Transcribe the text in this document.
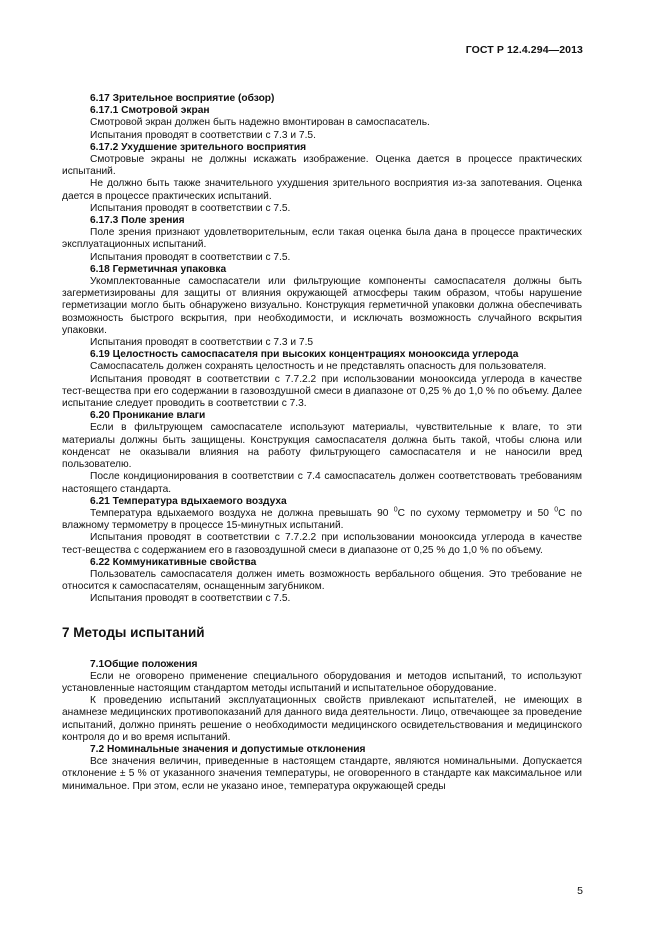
ГОСТ Р 12.4.294—2013

6.17 Зрительное восприятие (обзор)

6.17.1 Смотровой экран

Смотровой экран должен быть надежно вмонтирован в самоспасатель.

Испытания проводят в соответствии с 7.3 и 7.5.

6.17.2 Ухудшение зрительного восприятия

Смотровые экраны не должны искажать изображение. Оценка дается в процессе практических испытаний.

Не должно быть также значительного ухудшения зрительного восприятия из-за запотевания. Оценка дается в процессе практических испытаний.

Испытания проводят в соответствии с 7.5.

6.17.3 Поле зрения

Поле зрения признают удовлетворительным, если такая оценка была дана в процессе практических эксплуатационных испытаний.

Испытания проводят в соответствии с 7.5.

6.18 Герметичная упаковка

Укомплектованные самоспасатели или фильтрующие компоненты самоспасателя должны быть загерметизированы для защиты от влияния окружающей атмосферы таким образом, чтобы нарушение герметизации могло быть обнаружено визуально. Конструкция герметичной упаковки должна обеспечивать возможность быстрого вскрытия, при необходимости, и исключать возможность случайного вскрытия упаковки.

Испытания проводят в соответствии с 7.3 и 7.5

6.19 Целостность самоспасателя при высоких концентрациях монооксида углерода

Самоспасатель должен сохранять целостность и не представлять опасность для пользователя.

Испытания проводят в соответствии с 7.7.2.2 при использовании монооксида углерода в качестве тест-вещества при его содержании в газовоздушной смеси в диапазоне от 0,25 % до 1,0 % по объему. Далее испытание следует проводить в соответствии с 7.3.

6.20 Проникание влаги

Если в фильтрующем самоспасателе используют материалы, чувствительные к влаге, то эти материалы должны быть защищены. Конструкция самоспасателя должна быть такой, чтобы слюна или конденсат не оказывали влияния на работу фильтрующего самоспасателя и не наносили вред пользователю.

После кондиционирования в соответствии с 7.4 самоспасатель должен соответствовать требованиям настоящего стандарта.

6.21 Температура вдыхаемого воздуха

Температура вдыхаемого воздуха не должна превышать 90 $^0$С по сухому термометру и 50 $^0$С по влажному термометру в процессе 15-минутных испытаний.

Испытания проводят в соответствии с 7.7.2.2 при использовании монооксида углерода в качестве тест-вещества с содержанием его в газовоздушной смеси в диапазоне от 0,25 % до 1,0 % по объему.

6.22 Коммуникативные свойства

Пользователь самоспасателя должен иметь возможность вербального общения. Это требование не относится к самоспасателям, оснащенным загубником.

Испытания проводят в соответствии с 7.5.

7 Методы испытаний

7.1Общие положения

Если не оговорено применение специального оборудования и методов испытаний, то используют установленные настоящим стандартом методы испытаний и испытательное оборудование.

К проведению испытаний эксплуатационных свойств привлекают испытателей, не имеющих в анамнезе медицинских противопоказаний для данного вида деятельности. Лицо, отвечающее за проведение испытаний, должно принять решение о необходимости медицинского освидетельствования и медицинского контроля до и во время испытаний.

7.2 Номинальные значения и допустимые отклонения

Все значения величин, приведенные в настоящем стандарте, являются номинальными. Допускается отклонение ± 5 % от указанного значения температуры, не оговоренного в стандарте как максимальное или минимальное. При этом, если не указано иное, температура окружающей среды

5
